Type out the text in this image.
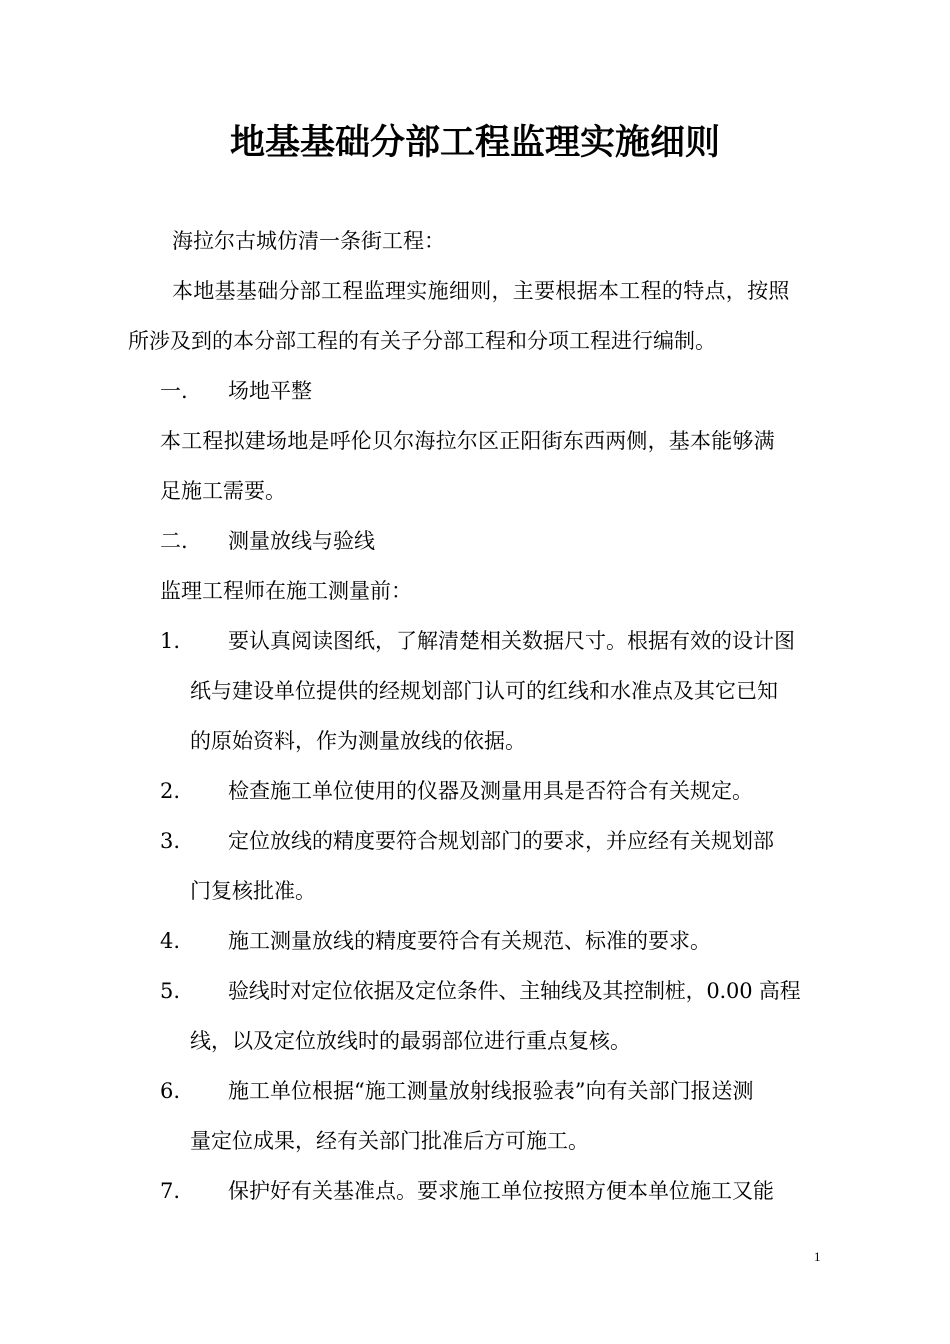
地基基础分部工程监理实施细则
海拉尔古城仿清一条街工程：
本地基基础分部工程监理实施细则，主要根据本工程的特点，按照
所涉及到的本分部工程的有关子分部工程和分项工程进行编制。
一. 场地平整
本工程拟建场地是呼伦贝尔海拉尔区正阳街东西两侧，基本能够满
足施工需要。
二. 测量放线与验线
监理工程师在施工测量前：
1. 要认真阅读图纸，了解清楚相关数据尺寸。根据有效的设计图
纸与建设单位提供的经规划部门认可的红线和水准点及其它已知
的原始资料，作为测量放线的依据。
2. 检查施工单位使用的仪器及测量用具是否符合有关规定。
3. 定位放线的精度要符合规划部门的要求，并应经有关规划部
门复核批准。
4. 施工测量放线的精度要符合有关规范、标准的要求。
5. 验线时对定位依据及定位条件、主轴线及其控制桩，0.00 高程
线，以及定位放线时的最弱部位进行重点复核。
6. 施工单位根据“施工测量放射线报验表”向有关部门报送测
量定位成果，经有关部门批准后方可施工。
7. 保护好有关基准点。要求施工单位按照方便本单位施工又能
1
